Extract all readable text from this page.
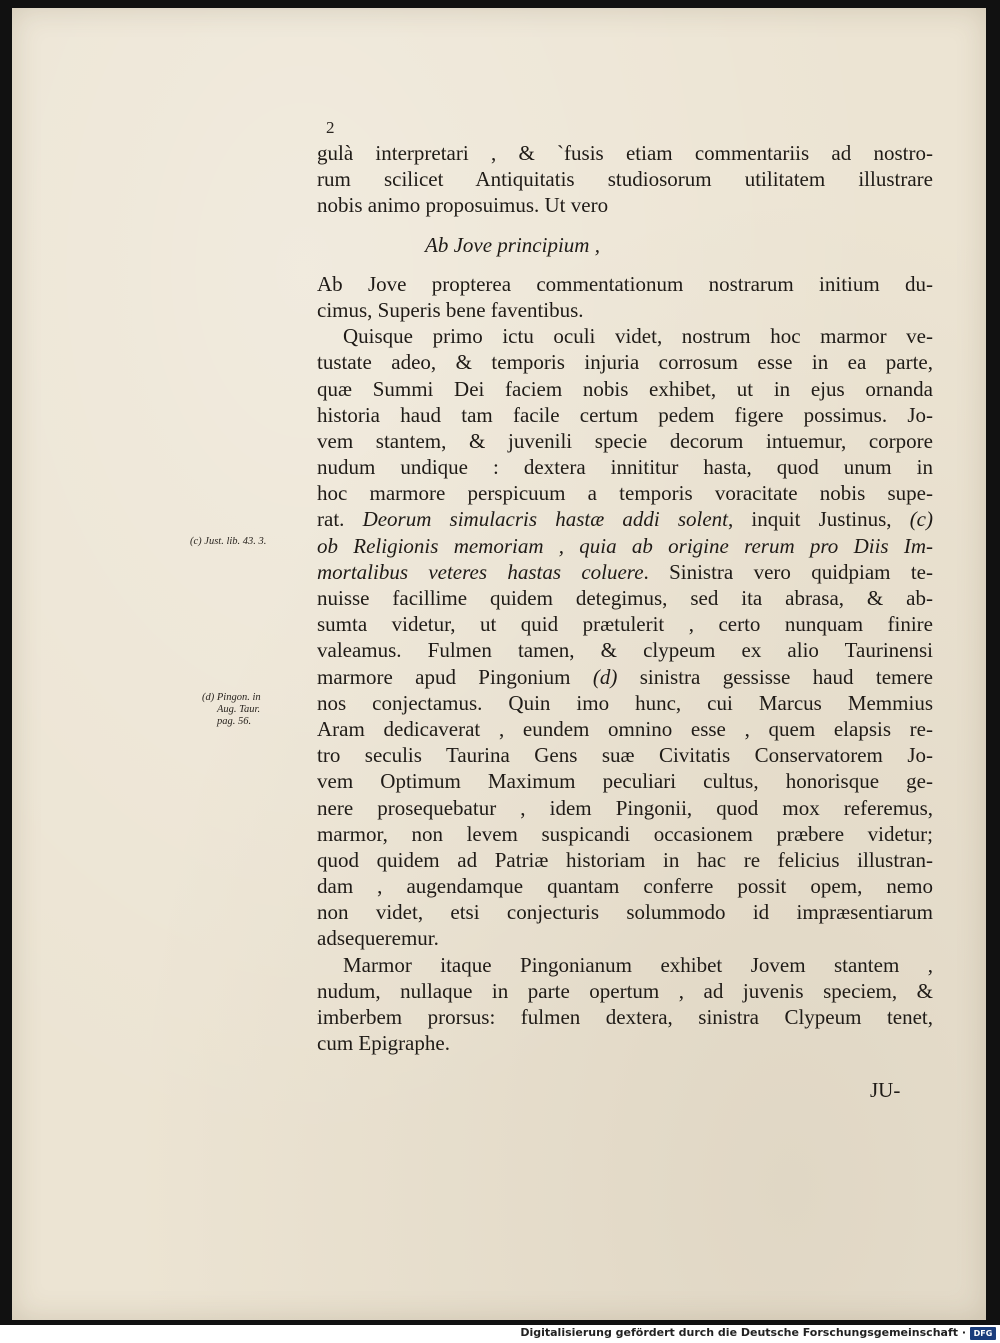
2
gulà interpretari , & `fusis etiam commentariis ad nostro-
rum scilicet Antiquitatis studiosorum utilitatem illustrare
nobis animo proposuimus. Ut vero
Ab Jove principium ,
Ab Jove propterea commentationum nostrarum initium du-
cimus, Superis bene faventibus.
Quisque primo ictu oculi videt, nostrum hoc marmor ve-
tustate adeo, & temporis injuria corrosum esse in ea parte,
quæ Summi Dei faciem nobis exhibet, ut in ejus ornanda
historia haud tam facile certum pedem figere possimus. Jo-
vem stantem, & juvenili specie decorum intuemur, corpore
nudum undique : dextera innititur hasta, quod unum in
hoc marmore perspicuum a temporis voracitate nobis supe-
rat. Deorum simulacris hastæ addi solent, inquit Justinus, (c)
ob Religionis memoriam , quia ab origine rerum pro Diis Im-
mortalibus veteres hastas coluere. Sinistra vero quidpiam te-
nuisse facillime quidem detegimus, sed ita abrasa, & ab-
sumta videtur, ut quid prætulerit , certo nunquam finire
valeamus. Fulmen tamen, & clypeum ex alio Taurinensi
marmore apud Pingonium (d) sinistra gessisse haud temere
nos conjectamus. Quin imo hunc, cui Marcus Memmius
Aram dedicaverat , eundem omnino esse , quem elapsis re-
tro seculis Taurina Gens suæ Civitatis Conservatorem Jo-
vem Optimum Maximum peculiari cultus, honorisque ge-
nere prosequebatur , idem Pingonii, quod mox referemus,
marmor, non levem suspicandi occasionem præbere videtur;
quod quidem ad Patriæ historiam in hac re felicius illustran-
dam , augendamque quantam conferre possit opem, nemo
non videt, etsi conjecturis solummodo id impræsentiarum
adsequeremur.
Marmor itaque Pingonianum exhibet Jovem stantem ,
nudum, nullaque in parte opertum , ad juvenis speciem, &
imberbem prorsus: fulmen dextera, sinistra Clypeum tenet,
cum Epigraphe.
(c) Just. lib. 43. 3.
(d) Pingon. in
Aug. Taur.
pag. 56.
JU-
Digitalisierung gefördert durch die Deutsche Forschungsgemeinschaft · DFG
